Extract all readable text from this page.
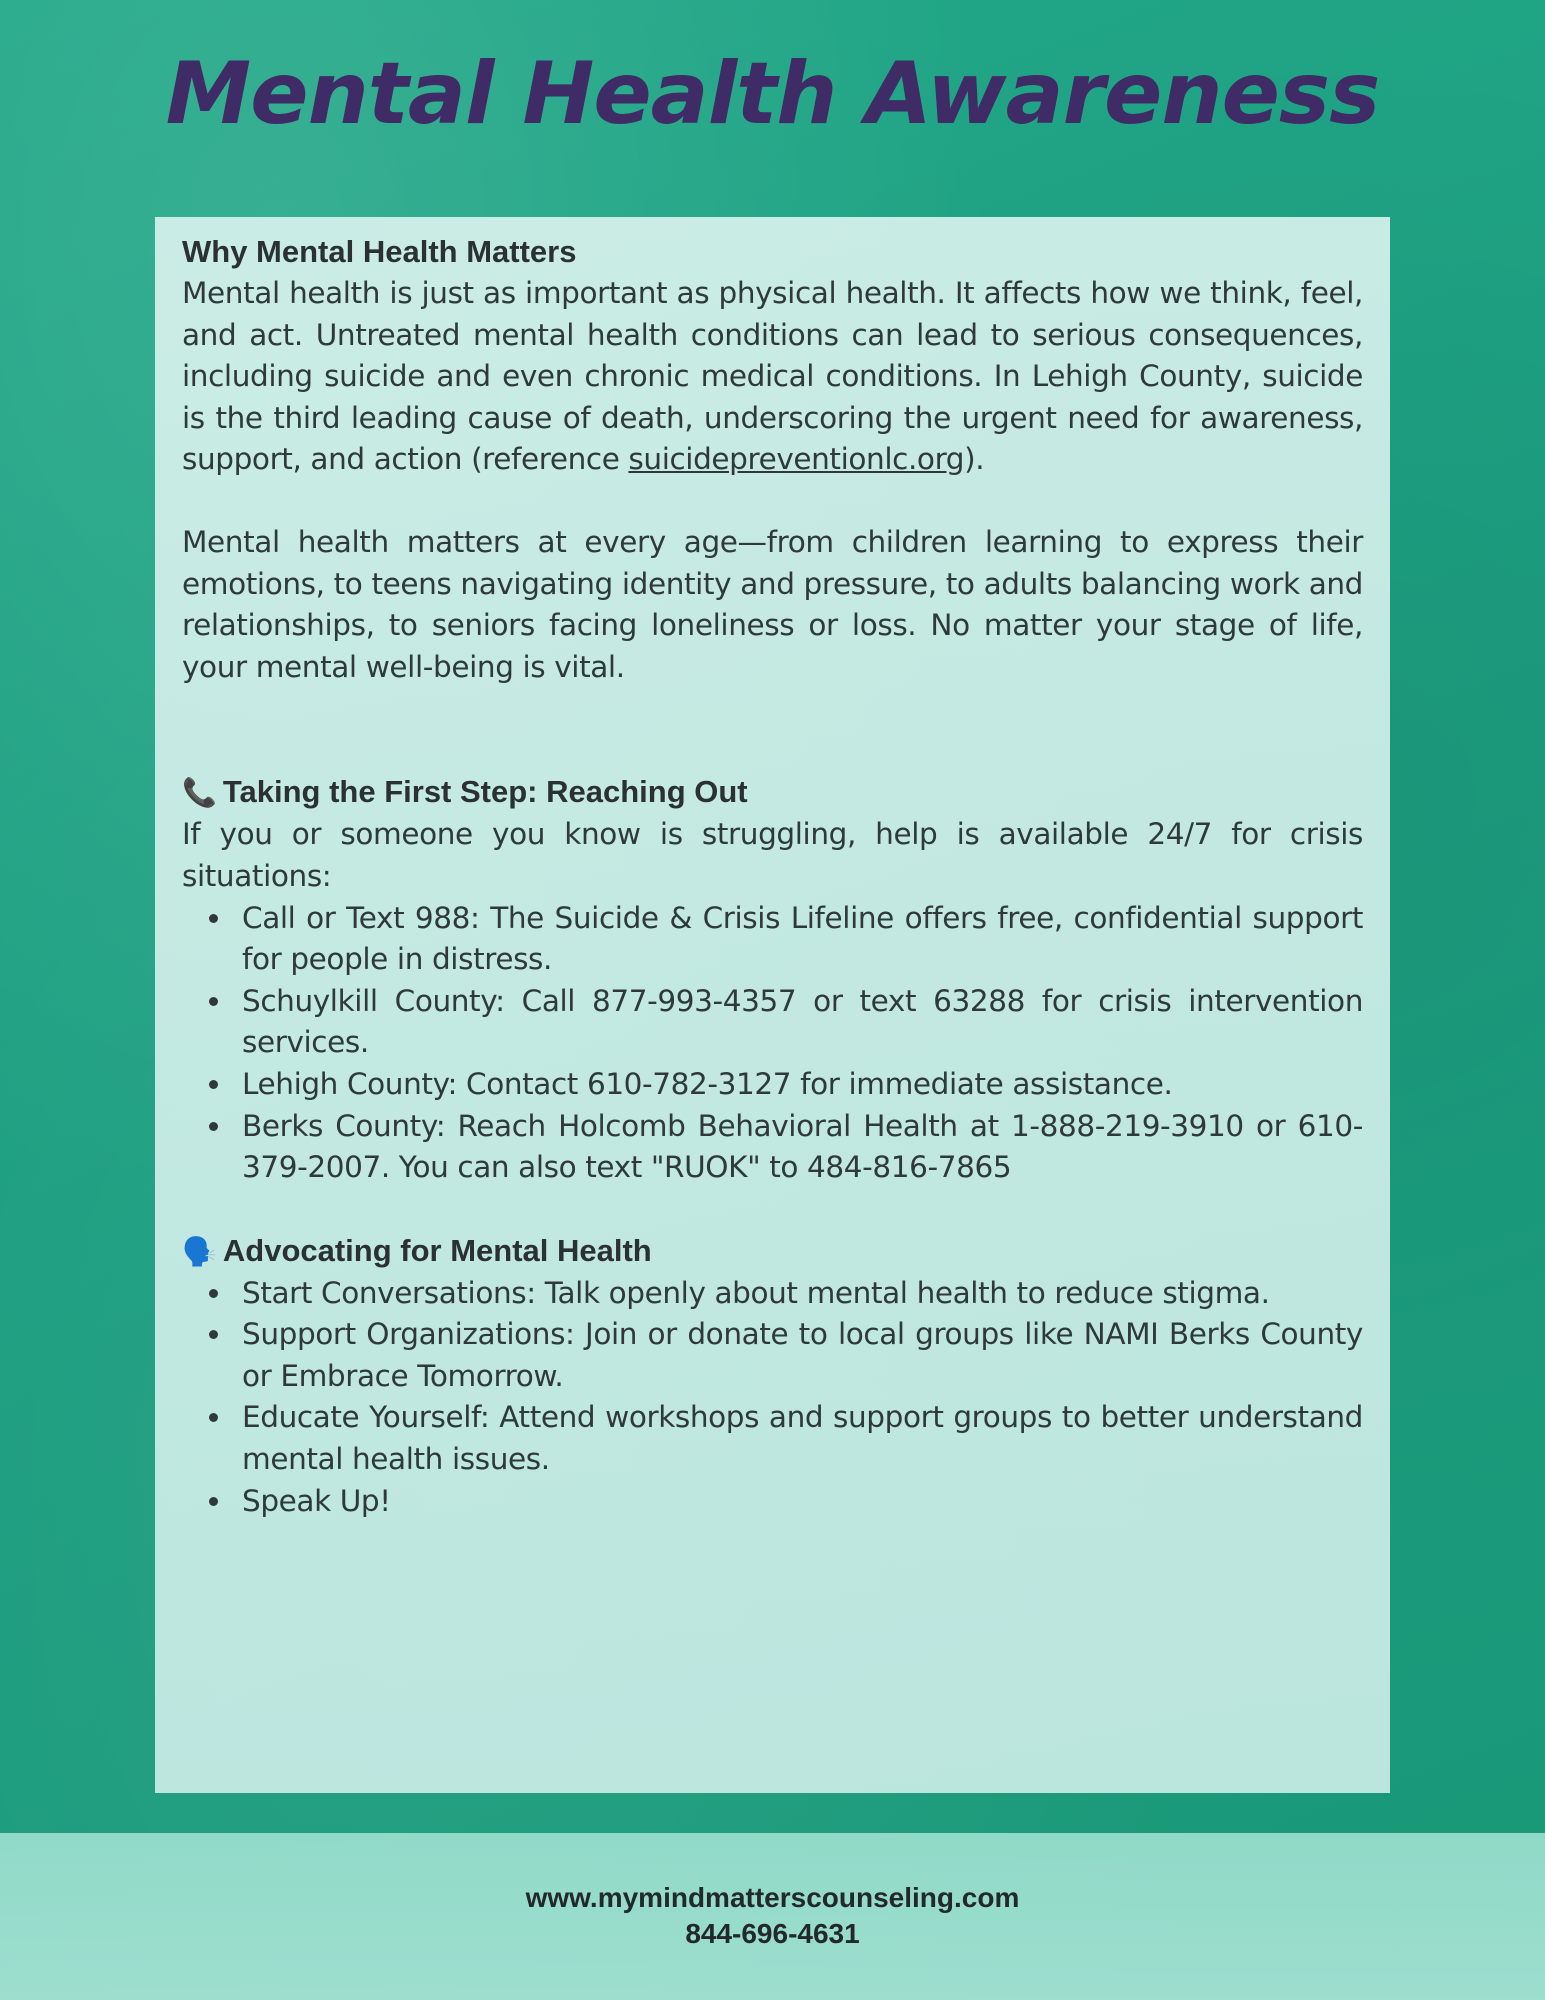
Mental Health Awareness
Why Mental Health Matters

Mental health is just as important as physical health. It affects how we think, feel, and act. Untreated mental health conditions can lead to serious consequences, including suicide and even chronic medical conditions. In Lehigh County, suicide is the third leading cause of death, underscoring the urgent need for awareness, support, and action (reference suicidepreventionlc.org).

Mental health matters at every age—from children learning to express their emotions, to teens navigating identity and pressure, to adults balancing work and relationships, to seniors facing loneliness or loss. No matter your stage of life, your mental well-being is vital.

📞 Taking the First Step: Reaching Out

If you or someone you know is struggling, help is available 24/7 for crisis situations:

Call or Text 988: The Suicide & Crisis Lifeline offers free, confidential support for people in distress.
Schuylkill County: Call 877-993-4357 or text 63288 for crisis intervention services.
Lehigh County: Contact 610-782-3127 for immediate assistance.
Berks County: Reach Holcomb Behavioral Health at 1-888-219-3910 or 610-379-2007. You can also text "RUOK" to 484-816-7865
🗣️ Advocating for Mental Health
Start Conversations: Talk openly about mental health to reduce stigma.
Support Organizations: Join or donate to local groups like NAMI Berks County or Embrace Tomorrow.
Educate Yourself: Attend workshops and support groups to better understand mental health issues.
Speak Up!
www.mymindmatterscounseling.com
844-696-4631
